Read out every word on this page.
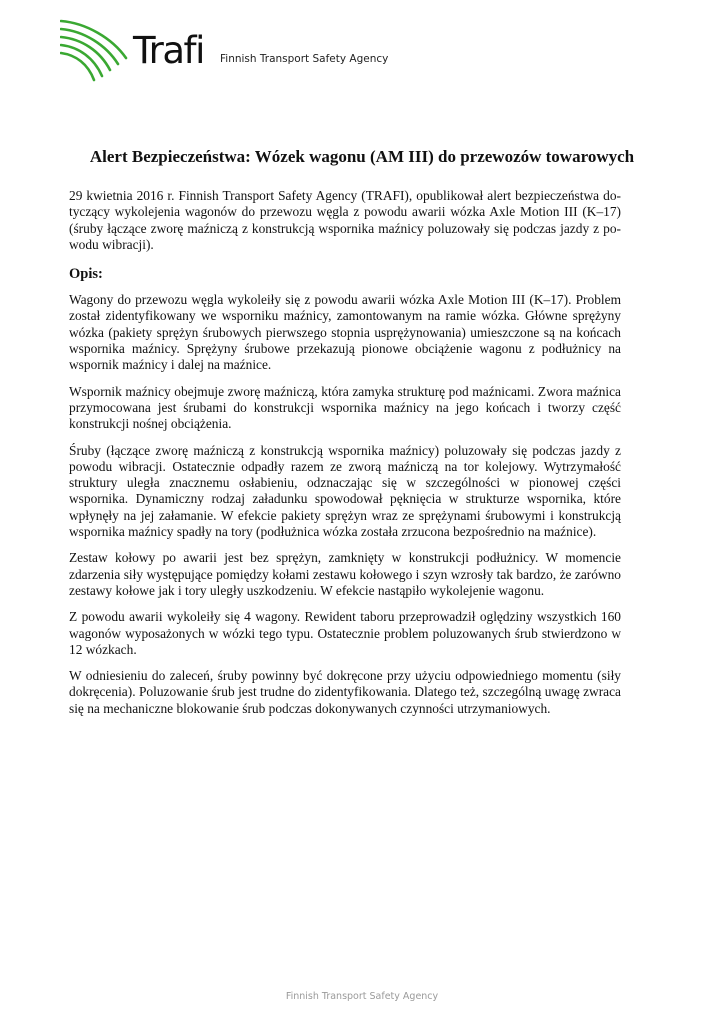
Trafi Finnish Transport Safety Agency
Alert Bezpieczeństwa: Wózek wagonu (AM III) do przewozów towarowych

29 kwietnia 2016 r. Finnish Transport Safety Agency (TRAFI), opublikował alert bezpieczeństwa dotyczący wykolejenia wagonów do przewozu węgla z powodu awarii wózka Axle Motion III (K–17) (śruby łączące zworę maźniczą z konstrukcją wspornika maźnicy poluzowały się podczas jazdy z powodu wibracji).

Opis:

Wagony do przewozu węgla wykoleiły się z powodu awarii wózka Axle Motion III (K–17). Problem został zidentyfikowany we wsporniku maźnicy, zamontowanym na ramie wózka. Główne sprężyny wózka (pakiety sprężyn śrubowych pierwszego stopnia usprężynowania) umieszczone są na końcach wspornika maźnicy. Sprężyny śrubowe przekazują pionowe obciążenie wagonu z podłużnicy na wspornik maźnicy i dalej na maźnice.

Wspornik maźnicy obejmuje zworę maźniczą, która zamyka strukturę pod maźnicami. Zwora maźnica przymocowana jest śrubami do konstrukcji wspornika maźnicy na jego końcach i tworzy część konstrukcji nośnej obciążenia.

Śruby (łączące zworę maźniczą z konstrukcją wspornika maźnicy) poluzowały się podczas jazdy z powodu wibracji. Ostatecznie odpadły razem ze zworą maźniczą na tor kolejowy. Wytrzymałość struktury uległa znacznemu osłabieniu, odznaczając się w szczególności w pionowej części wspornika. Dynamiczny rodzaj załadunku spowodował pęknięcia w strukturze wspornika, które wpłynęły na jej załamanie. W efekcie pakiety sprężyn wraz ze sprężynami śrubowymi i konstrukcją wspornika maźnicy spadły na tory (podłużnica wózka została zrzucona bezpośrednio na maźnice).

Zestaw kołowy po awarii jest bez sprężyn, zamknięty w konstrukcji podłużnicy. W momencie zdarzenia siły występujące pomiędzy kołami zestawu kołowego i szyn wzrosły tak bardzo, że zarówno zestawy kołowe jak i tory uległy uszkodzeniu. W efekcie nastąpiło wykolejenie wagonu.

Z powodu awarii wykoleiły się 4 wagony. Rewident taboru przeprowadził oględziny wszystkich 160 wagonów wyposażonych w wózki tego typu. Ostatecznie problem poluzowanych śrub stwierdzono w 12 wózkach.

W odniesieniu do zaleceń, śruby powinny być dokręcone przy użyciu odpowiedniego momentu (siły dokręcenia). Poluzowanie śrub jest trudne do zidentyfikowania. Dlatego też, szczególną uwagę zwraca się na mechaniczne blokowanie śrub podczas dokonywanych czynności utrzymaniowych.

Finnish Transport Safety Agency
